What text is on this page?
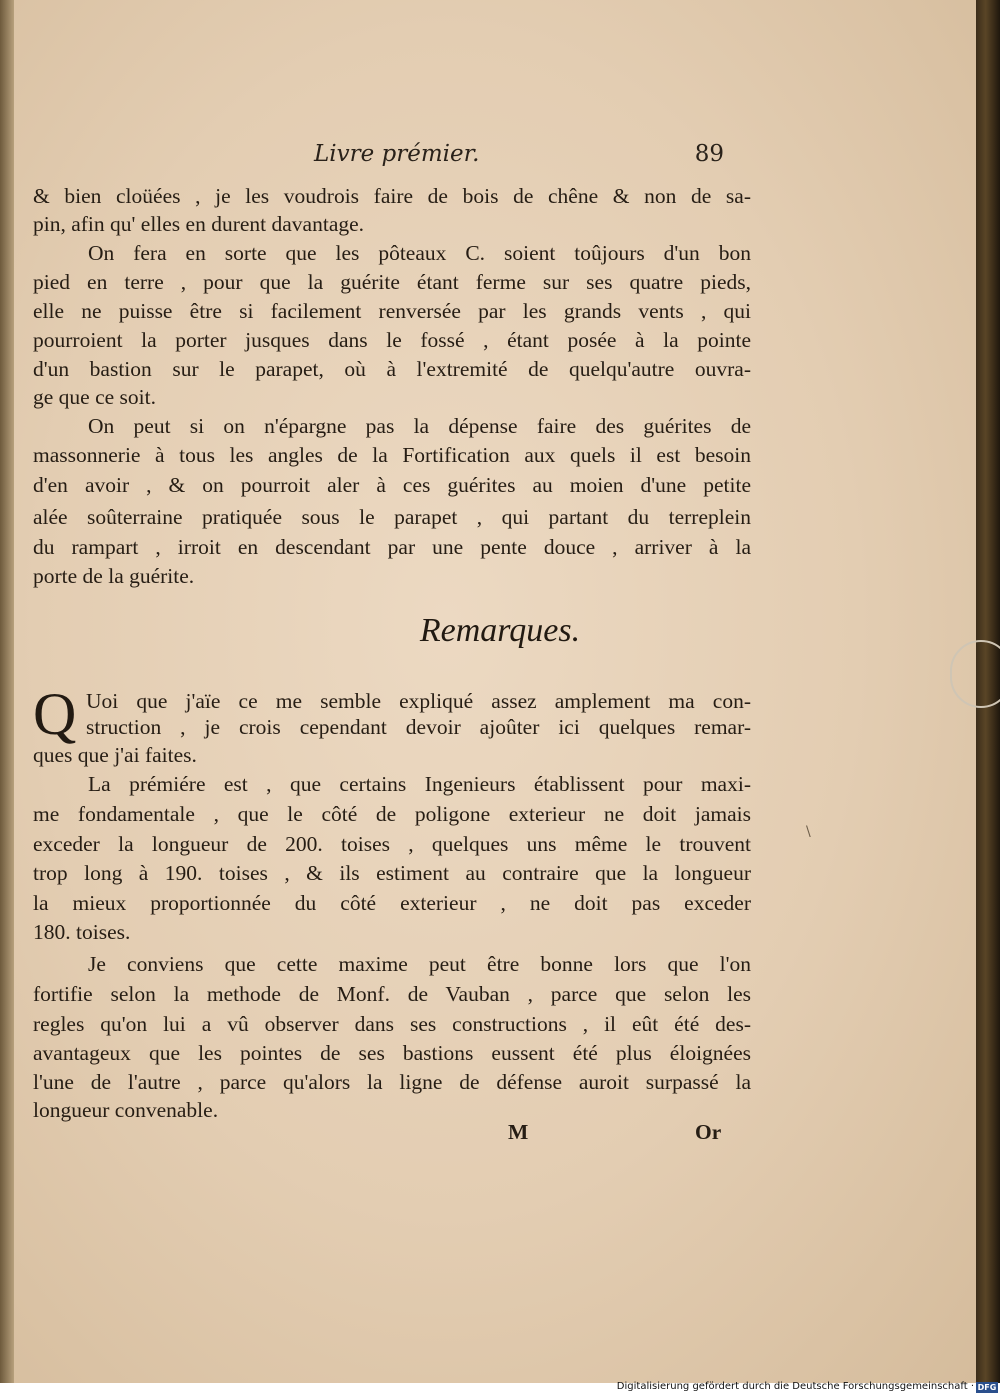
\
Livre prémier.	89
& bien cloüées , je les voudrois faire de bois de chêne & non de sa-
pin, afin qu' elles en durent davantage.
On fera en sorte que les pôteaux C. soient toûjours d'un bon
pied en terre , pour que la guérite étant ferme sur ses quatre pieds,
elle ne puisse être si facilement renversée par les grands vents , qui
pourroient la porter jusques dans le fossé , étant posée à la pointe
d'un bastion sur le parapet, où à l'extremité de quelqu'autre ouvra-
ge que ce soit.
On peut si on n'épargne pas la dépense faire des guérites de
massonnerie à tous les angles de la Fortification aux quels il est besoin
d'en avoir , & on pourroit aler à ces guérites au moien d'une petite
alée soûterraine pratiquée sous le parapet , qui partant du terreplein
du rampart , irroit en descendant par une pente douce , arriver à la
porte de la guérite.
Remarques.
Q Uoi que j'aïe ce me semble expliqué assez amplement ma con-
struction , je crois cependant devoir ajoûter ici quelques remar-
ques que j'ai faites.
La prémiére est , que certains Ingenieurs établissent pour maxi-
me fondamentale , que le côté de poligone exterieur ne doit jamais
exceder la longueur de 200. toises , quelques uns même le trouvent
trop long à 190. toises , & ils estiment au contraire que la longueur
la mieux proportionnée du côté exterieur , ne doit pas exceder
180. toises.
Je conviens que cette maxime peut être bonne lors que l'on
fortifie selon la methode de Monf. de Vauban , parce que selon les
regles qu'on lui a vû observer dans ses constructions , il eût été des-
avantageux que les pointes de ses bastions eussent été plus éloignées
l'une de l'autre , parce qu'alors la ligne de défense auroit surpassé la
longueur convenable.
M	Or
Digitalisierung gefördert durch die Deutsche Forschungsgemeinschaft · DFG
